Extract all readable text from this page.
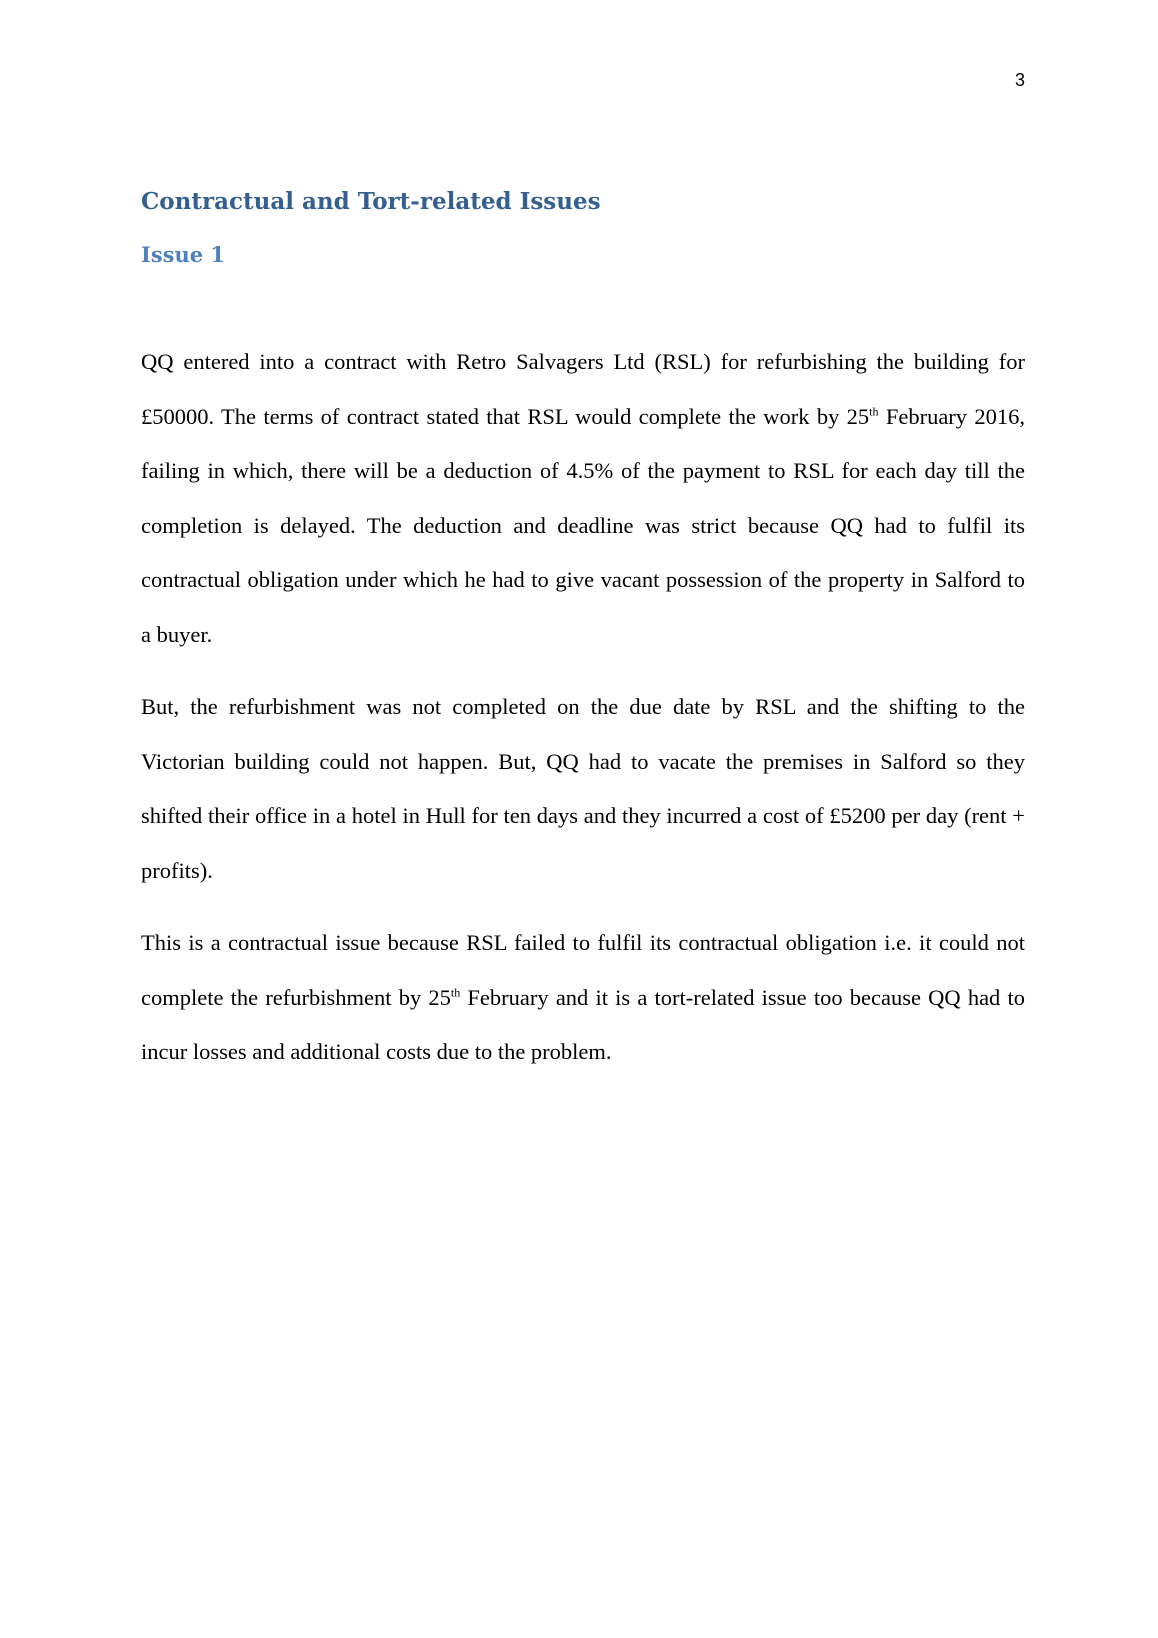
3
Contractual and Tort-related Issues
Issue 1

QQ entered into a contract with Retro Salvagers Ltd (RSL) for refurbishing the building for £50000. The terms of contract stated that RSL would complete the work by 25th February 2016, failing in which, there will be a deduction of 4.5% of the payment to RSL for each day till the completion is delayed. The deduction and deadline was strict because QQ had to fulfil its contractual obligation under which he had to give vacant possession of the property in Salford to a buyer.

But, the refurbishment was not completed on the due date by RSL and the shifting to the Victorian building could not happen. But, QQ had to vacate the premises in Salford so they shifted their office in a hotel in Hull for ten days and they incurred a cost of £5200 per day (rent + profits).

This is a contractual issue because RSL failed to fulfil its contractual obligation i.e. it could not complete the refurbishment by 25th February and it is a tort-related issue too because QQ had to incur losses and additional costs due to the problem.
